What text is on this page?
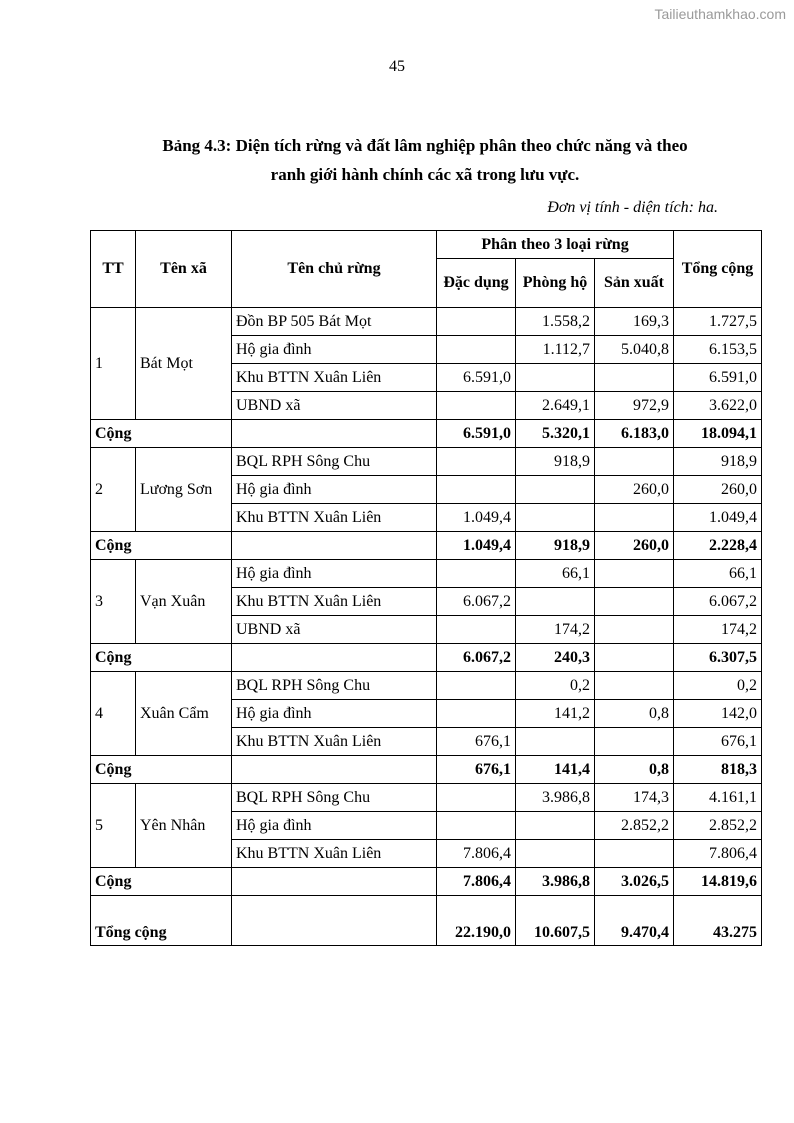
Tailieuthamkhao.com
45
Bảng 4.3: Diện tích rừng và đất lâm nghiệp phân theo chức năng và theo
ranh giới hành chính các xã trong lưu vực.
Đơn vị tính - diện tích: ha.
TT	Tên xã	Tên chủ rừng	Phân theo 3 loại rừng			Tổng cộng
			Đặc dụng	Phòng hộ	Sản xuất	
1	Bát Mọt	Đồn BP 505 Bát Mọt		1.558,2	169,3	1.727,5
		Hộ gia đình		1.112,7	5.040,8	6.153,5
		Khu BTTN Xuân Liên	6.591,0			6.591,0
		UBND xã		2.649,1	972,9	3.622,0
Cộng			6.591,0	5.320,1	6.183,0	18.094,1
2	Lương Sơn	BQL RPH Sông Chu		918,9		918,9
		Hộ gia đình			260,0	260,0
		Khu BTTN Xuân Liên	1.049,4			1.049,4
Cộng			1.049,4	918,9	260,0	2.228,4
3	Vạn Xuân	Hộ gia đình		66,1		66,1
		Khu BTTN Xuân Liên	6.067,2			6.067,2
		UBND xã		174,2		174,2
Cộng			6.067,2	240,3		6.307,5
4	Xuân Cẩm	BQL RPH Sông Chu		0,2		0,2
		Hộ gia đình		141,2	0,8	142,0
		Khu BTTN Xuân Liên	676,1			676,1
Cộng			676,1	141,4	0,8	818,3
5	Yên Nhân	BQL RPH Sông Chu		3.986,8	174,3	4.161,1
		Hộ gia đình			2.852,2	2.852,2
		Khu BTTN Xuân Liên	7.806,4			7.806,4
Cộng			7.806,4	3.986,8	3.026,5	14.819,6
Tổng cộng			22.190,0	10.607,5	9.470,4	43.275
